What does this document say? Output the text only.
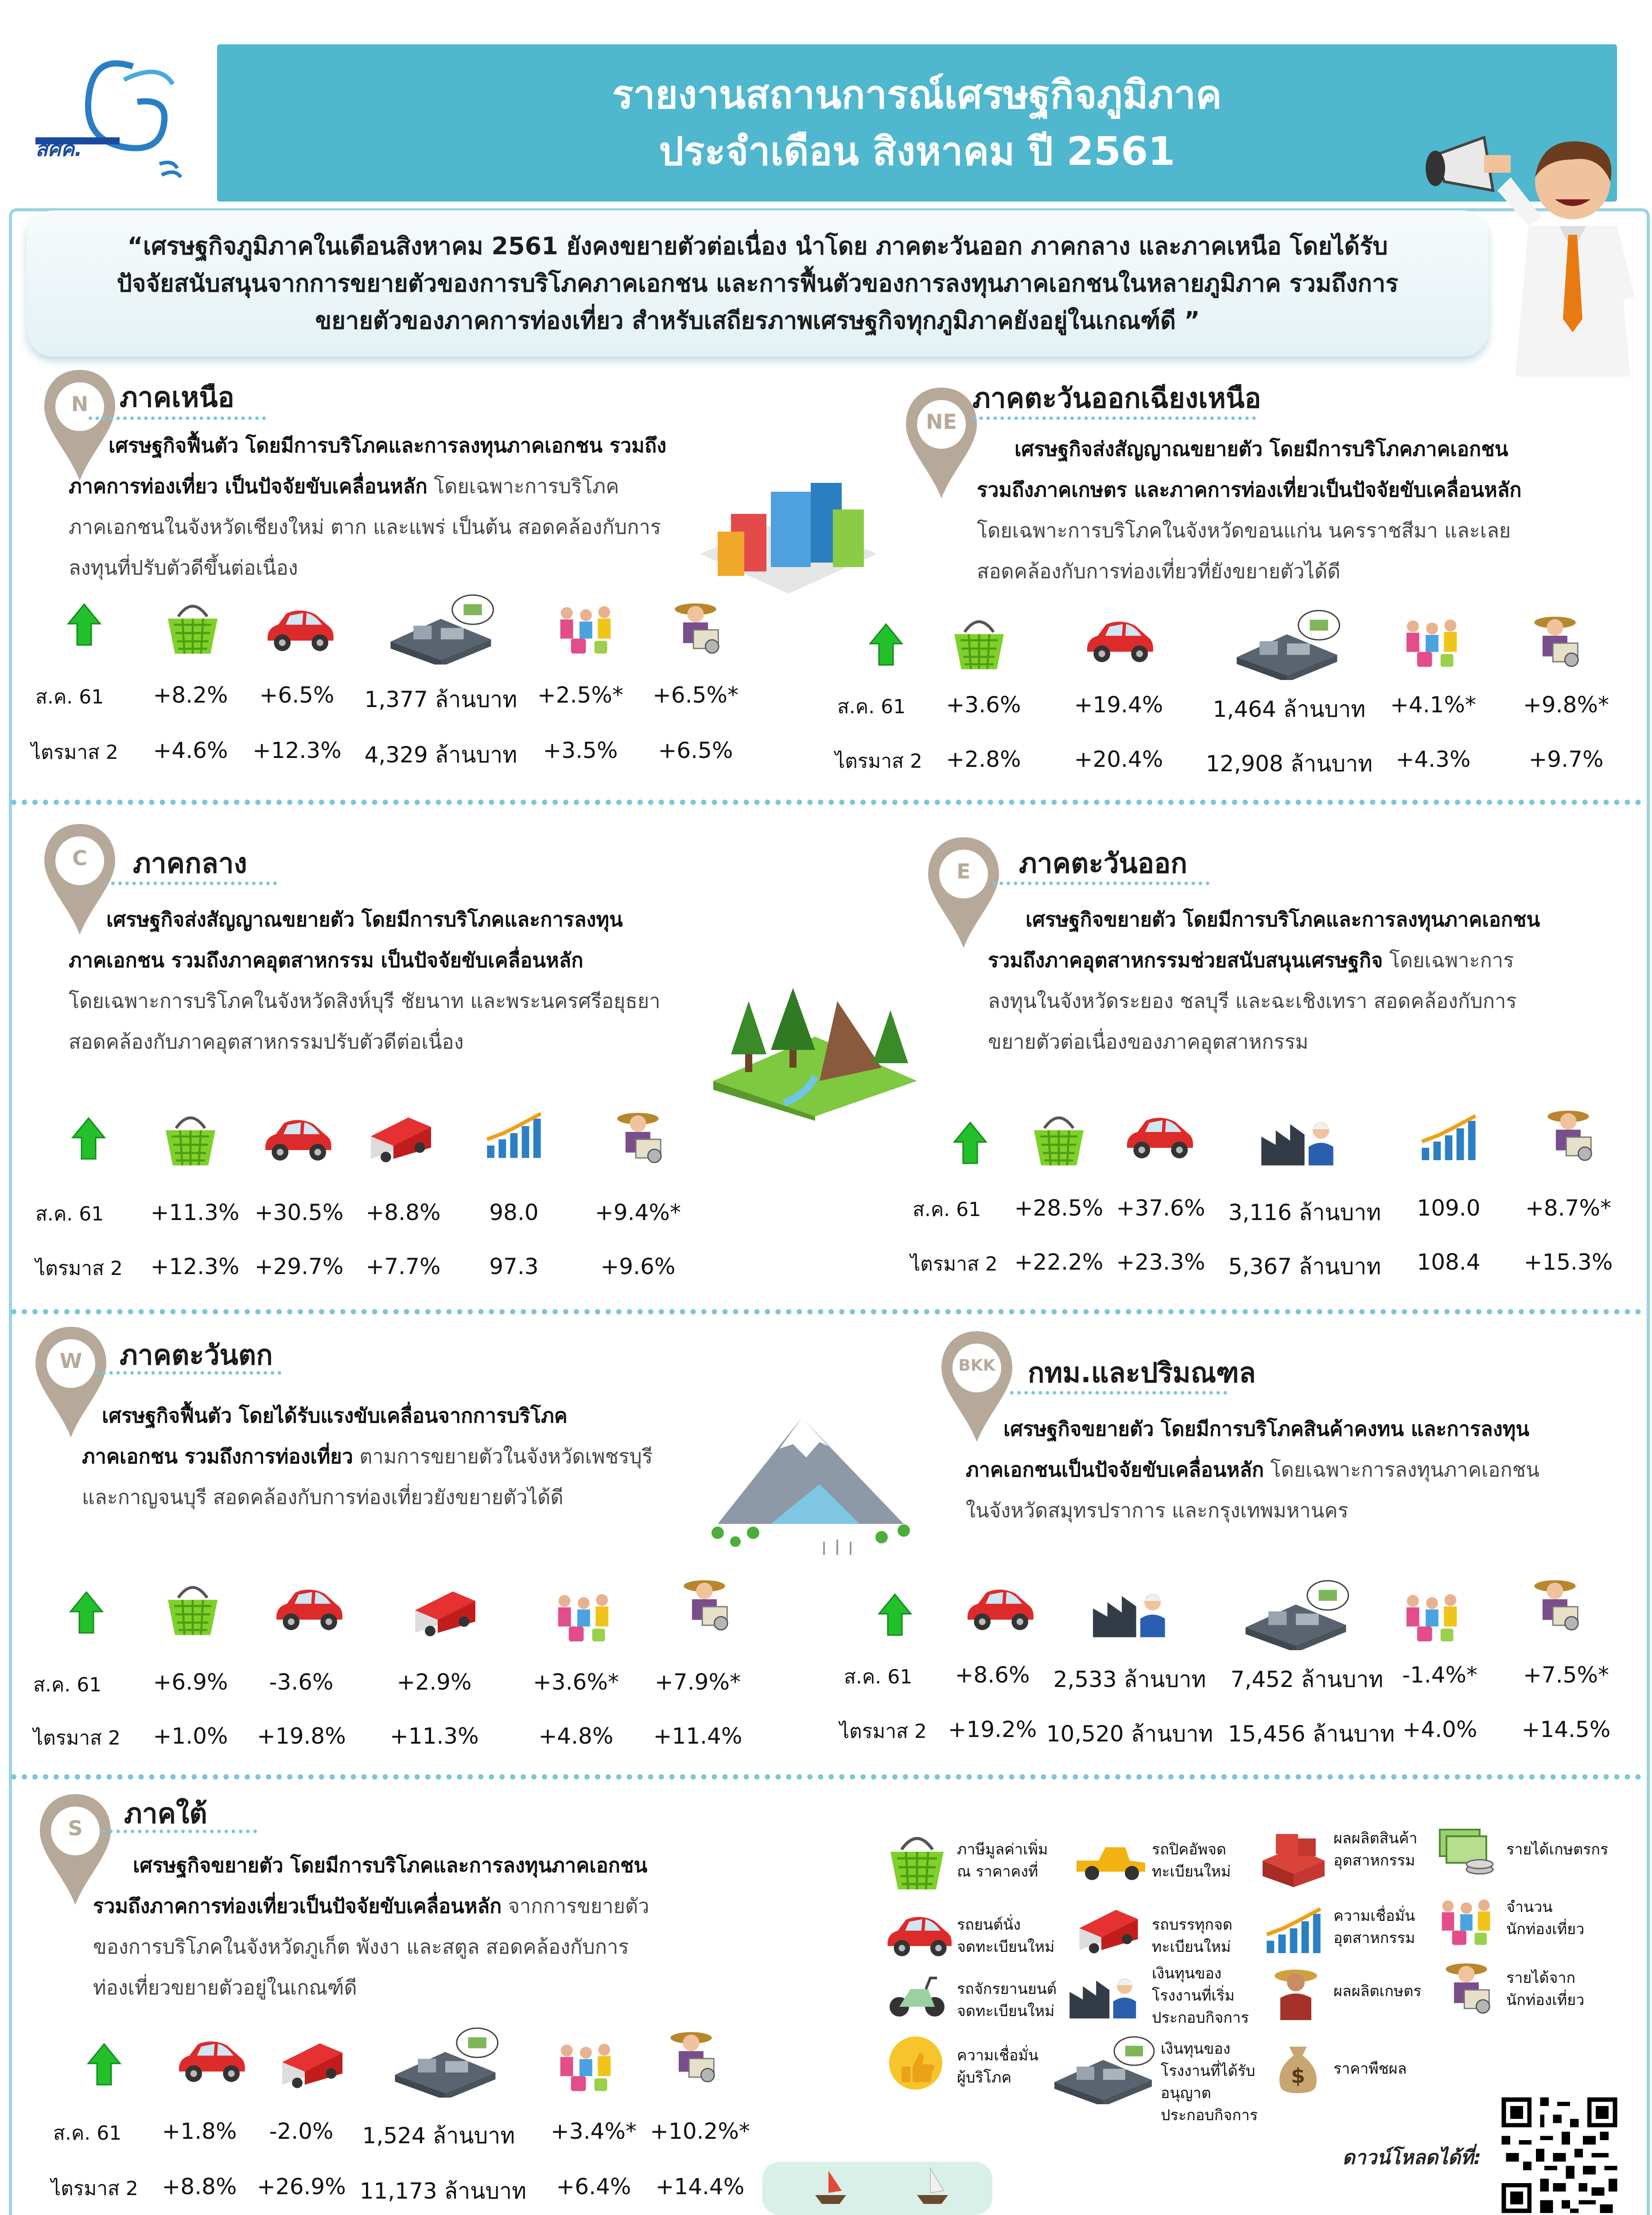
สศค.
รายงานสถานการณ์เศรษฐกิจภูมิภาค
ประจำเดือน สิงหาคม ปี 2561
“เศรษฐกิจภูมิภาคในเดือนสิงหาคม 2561 ยังคงขยายตัวต่อเนื่อง นำโดย ภาคตะวันออก ภาคกลาง และภาคเหนือ โดยได้รับ
ปัจจัยสนับสนุนจากการขยายตัวของการบริโภคภาคเอกชน และการฟื้นตัวของการลงทุนภาคเอกชนในหลายภูมิภาค รวมถึงการ
ขยายตัวของภาคการท่องเที่ยว สำหรับเสถียรภาพเศรษฐกิจทุกภูมิภาคยังอยู่ในเกณฑ์ดี ”
N	ภาคเหนือ
เศรษฐกิจฟื้นตัว โดยมีการบริโภคและการลงทุนภาคเอกชน รวมถึง
ภาคการท่องเที่ยว เป็นปัจจัยขับเคลื่อนหลัก โดยเฉพาะการบริโภค
ภาคเอกชนในจังหวัดเชียงใหม่ ตาก และแพร่ เป็นต้น สอดคล้องกับการ
ลงทุนที่ปรับตัวดีขึ้นต่อเนื่อง
ส.ค. 61
ไตรมาส 2
+8.2%	+6.5%	1,377 ล้านบาท +2.5%* +6.5%*
+4.6%	+12.3% 4,329 ล้านบาท	+3.5%	+6.5%
NE
ภาคตะวันออกเฉียงเหนือ
เศรษฐกิจส่งสัญญาณขยายตัว โดยมีการบริโภคภาคเอกชน
รวมถึงภาคเกษตร และภาคการท่องเที่ยวเป็นปัจจัยขับเคลื่อนหลัก
โดยเฉพาะการบริโภคในจังหวัดขอนแก่น นครราชสีมา และเลย
สอดคล้องกับการท่องเที่ยวที่ยังขยายตัวได้ดี
ส.ค. 61
ไตรมาส 2
+3.6%	+19.4%	1,464 ล้านบาท	+4.1%*	+9.8%*
+2.8%	+20.4% 12,908 ล้านบาท	+4.3%	+9.7%
C	ภาคกลาง
เศรษฐกิจส่งสัญญาณขยายตัว โดยมีการบริโภคและการลงทุน
ภาคเอกชน รวมถึงภาคอุตสาหกรรม เป็นปัจจัยขับเคลื่อนหลัก
โดยเฉพาะการบริโภคในจังหวัดสิงห์บุรี ชัยนาท และพระนครศรีอยุธยา
สอดคล้องกับภาคอุตสาหกรรมปรับตัวดีต่อเนื่อง
ส.ค. 61
ไตรมาส 2
+11.3% +30.5%	+8.8%	98.0	+9.4%*
+12.3% +29.7%	+7.7%	97.3	+9.6%
E	ภาคตะวันออก
เศรษฐกิจขยายตัว โดยมีการบริโภคและการลงทุนภาคเอกชน
รวมถึงภาคอุตสาหกรรมช่วยสนับสนุนเศรษฐกิจ โดยเฉพาะการ
ลงทุนในจังหวัดระยอง ชลบุรี และฉะเชิงเทรา สอดคล้องกับการ
ขยายตัวต่อเนื่องของภาคอุตสาหกรรม
ส.ค. 61
ไตรมาส 2
+28.5% +37.6% 3,116 ล้านบาท	109.0	+8.7%*
+22.2% +23.3% 5,367 ล้านบาท	108.4	+15.3%
W	ภาคตะวันตก
เศรษฐกิจฟื้นตัว โดยได้รับแรงขับเคลื่อนจากการบริโภค
ภาคเอกชน รวมถึงการท่องเที่ยว ตามการขยายตัวในจังหวัดเพชรบุรี
และกาญจนบุรี สอดคล้องกับการท่องเที่ยวยังขยายตัวได้ดี
ส.ค. 61
ไตรมาส 2
+6.9%	-3.6%	+2.9%	+3.6%*	+7.9%*
+1.0%	+19.8% +11.3%	+4.8%	+11.4%
BKK	กทม.และปริมณฑล
เศรษฐกิจขยายตัว โดยมีการบริโภคสินค้าคงทน และการลงทุน
ภาคเอกชนเป็นปัจจัยขับเคลื่อนหลัก โดยเฉพาะการลงทุนภาคเอกชน
ในจังหวัดสมุทรปราการ และกรุงเทพมหานคร
ส.ค. 61
ไตรมาส 2
+8.6%	2,533 ล้านบาท	7,452 ล้านบาท -1.4%*	+7.5%*
+19.2% 10,520 ล้านบาท 15,456 ล้านบาท +4.0%	+14.5%
S	ภาคใต้
เศรษฐกิจขยายตัว โดยมีการบริโภคและการลงทุนภาคเอกชน
รวมถึงภาคการท่องเที่ยวเป็นปัจจัยขับเคลื่อนหลัก จากการขยายตัว
ของการบริโภคในจังหวัดภูเก็ต พังงา และสตูล สอดคล้องกับการ
ท่องเที่ยวขยายตัวอยู่ในเกณฑ์ดี
ส.ค. 61
ไตรมาส 2
+1.8%	-2.0%	1,524 ล้านบาท	+3.4%* +10.2%*
+8.8% +26.9% 11,173 ล้านบาท	+6.4%	+14.4%
ภาษีมูลค่าเพิ่ม
ณ ราคาคงที่
รถยนต์นั่ง
จดทะเบียนใหม่
รถจักรยานยนต์
จดทะเบียนใหม่
ความเชื่อมั่น
ผู้บริโภค
รถปิคอัพจด
ทะเบียนใหม่
รถบรรทุกจด
ทะเบียนใหม่
เงินทุนของ
โรงงานที่เริ่ม
ประกอบกิจการ
เงินทุนของ
โรงงานที่ได้รับ
อนุญาต
ประกอบกิจการ
ผลผลิตสินค้า
อุตสาหกรรม
ความเชื่อมั่น
อุตสาหกรรม
ผลผลิตเกษตร
$ ราคาพืชผล
รายได้เกษตรกร
จำนวน
นักท่องเที่ยว
รายได้จาก
นักท่องเที่ยว
ดาวน์โหลดได้ที่:
